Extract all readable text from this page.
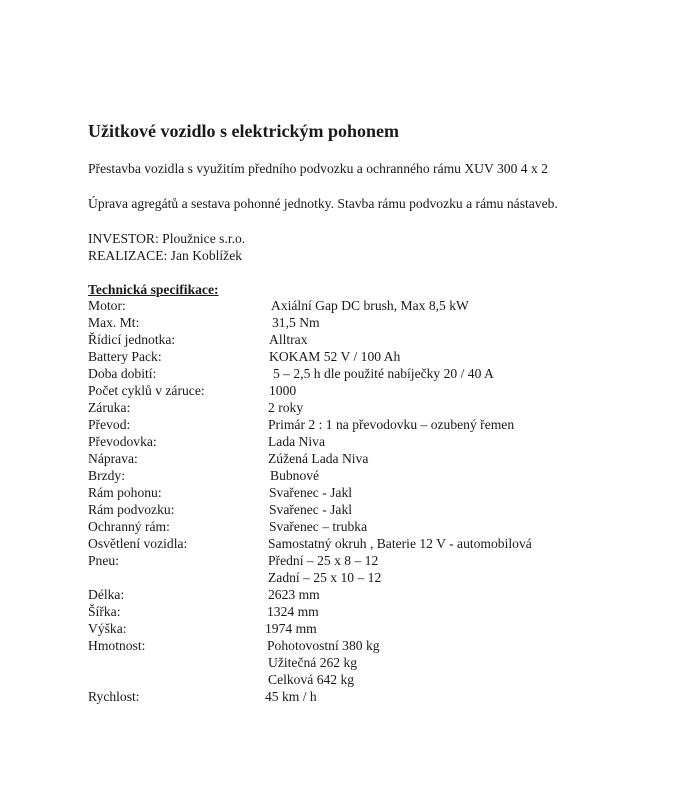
Užitkové vozidlo s elektrickým pohonem

Přestavba vozidla s využitím předního podvozku a ochranného rámu XUV 300 4 x 2

Úprava agregátů a sestava pohonné jednotky. Stavba rámu podvozku a rámu nástaveb.

INVESTOR: Ploužnice s.r.o.

REALIZACE: Jan Koblížek

Technická specifikace:

Motor:	Axiální Gap DC brush, Max 8,5 kW
Max. Mt:	31,5 Nm
Řídicí jednotka:	Alltrax
Battery Pack:	KOKAM 52 V / 100 Ah
Doba dobití:	5 – 2,5 h dle použité nabíječky 20 / 40 A
Počet cyklů v záruce:	1000
Záruka:	2 roky
Převod:	Primár 2 : 1 na převodovku – ozubený řemen
Převodovka:	Lada Niva
Náprava:	Zúžená Lada Niva
Brzdy:	Bubnové
Rám pohonu:	Svařenec - Jakl
Rám podvozku:	Svařenec - Jakl
Ochranný rám:	Svařenec – trubka
Osvětlení vozidla:	Samostatný okruh , Baterie 12 V - automobilová
Pneu:	Přední – 25 x 8 – 12
Zadní – 25 x 10 – 12
Délka:	2623 mm
Šířka:	1324 mm
Výška:	1974 mm
Hmotnost:	Pohotovostní 380 kg
Užitečná 262 kg
Celková 642 kg
Rychlost:	45 km / h
